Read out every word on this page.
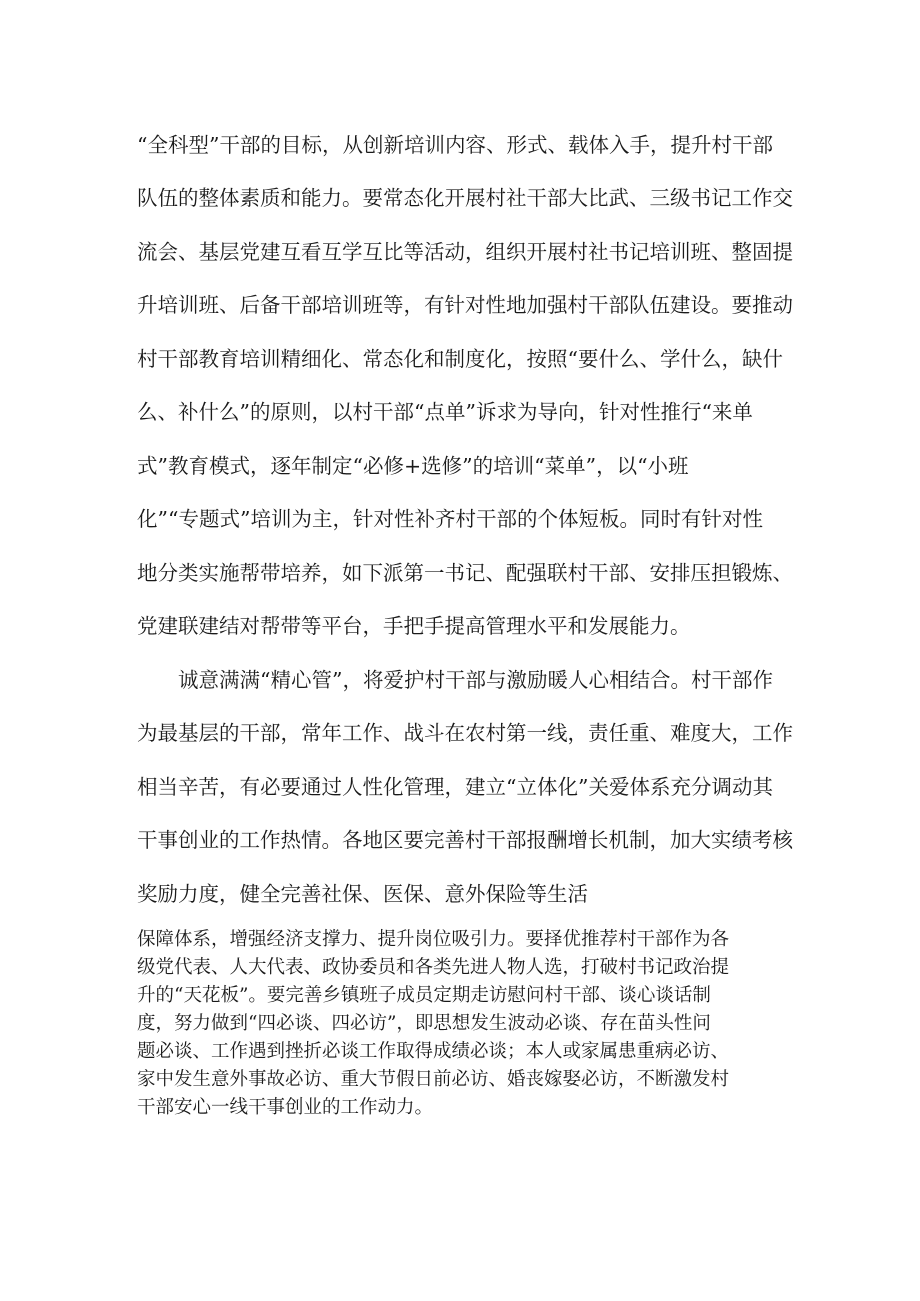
“全科型”干部的目标，从创新培训内容、形式、载体入手，提升村干部
队伍的整体素质和能力。要常态化开展村社干部大比武、三级书记工作交
流会、基层党建互看互学互比等活动，组织开展村社书记培训班、整固提
升培训班、后备干部培训班等，有针对性地加强村干部队伍建设。要推动
村干部教育培训精细化、常态化和制度化，按照“要什么、学什么，缺什
么、补什么”的原则，以村干部“点单”诉求为导向，针对性推行“来单
式”教育模式，逐年制定“必修+选修”的培训“菜单”，以“小班
化”“专题式”培训为主，针对性补齐村干部的个体短板。同时有针对性
地分类实施帮带培养，如下派第一书记、配强联村干部、安排压担锻炼、
党建联建结对帮带等平台，手把手提高管理水平和发展能力。
　　诚意满满“精心管”，将爱护村干部与激励暖人心相结合。村干部作
为最基层的干部，常年工作、战斗在农村第一线，责任重、难度大，工作
相当辛苦，有必要通过人性化管理，建立“立体化”关爱体系充分调动其
干事创业的工作热情。各地区要完善村干部报酬增长机制，加大实绩考核
奖励力度，健全完善社保、医保、意外保险等生活
保障体系，增强经济支撑力、提升岗位吸引力。要择优推荐村干部作为各
级党代表、人大代表、政协委员和各类先进人物人选，打破村书记政治提
升的“天花板”。要完善乡镇班子成员定期走访慰问村干部、谈心谈话制
度，努力做到“四必谈、四必访”，即思想发生波动必谈、存在苗头性问
题必谈、工作遇到挫折必谈工作取得成绩必谈；本人或家属患重病必访、
家中发生意外事故必访、重大节假日前必访、婚丧嫁娶必访，不断激发村
干部安心一线干事创业的工作动力。
